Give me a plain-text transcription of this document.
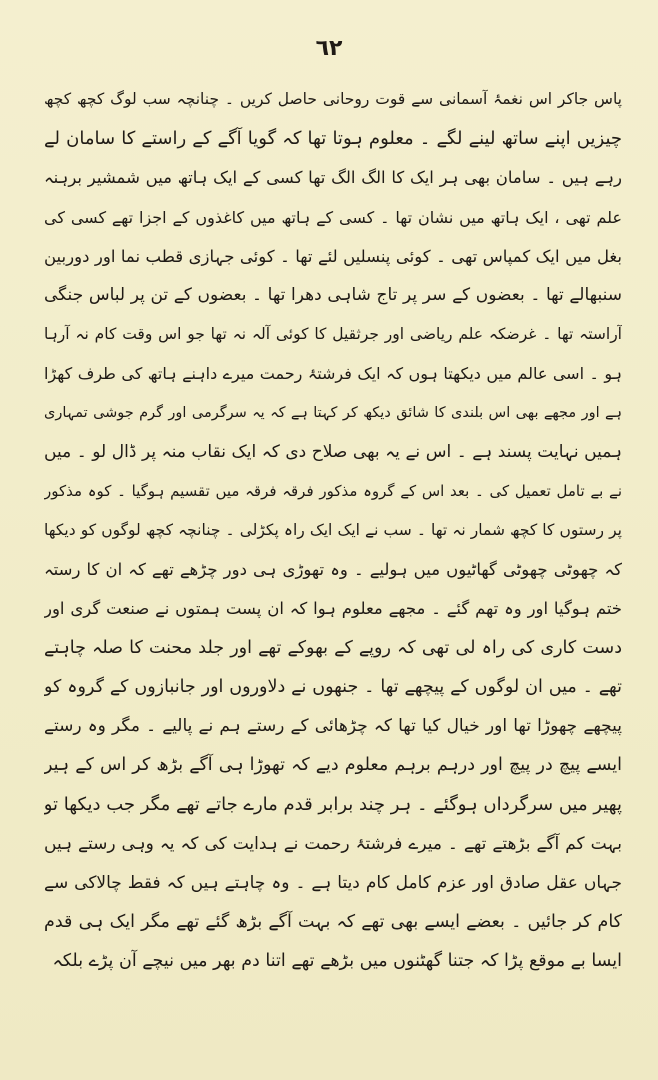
٦٢
پاس جاکر اس نغمۂ آسمانی سے قوت روحانی حاصل کریں ۔ چنانچہ سب لوگ کچھ کچھ
چیزیں اپنے ساتھ لینے لگے ۔ معلوم ہوتا تھا کہ گویا آگے کے راستے کا سامان لے
رہے ہیں ۔ سامان بھی ہر ایک کا الگ الگ تھا کسی کے ایک ہاتھ میں شمشیر برہنہ
علم تھی ، ایک ہاتھ میں نشان تھا ۔ کسی کے ہاتھ میں کاغذوں کے اجزا تھے کسی کی
بغل میں ایک کمپاس تھی ۔ کوئی پنسلیں لئے تھا ۔ کوئی جہازی قطب نما اور دوربین
سنبھالے تھا ۔ بعضوں کے سر پر تاج شاہی دھرا تھا ۔ بعضوں کے تن پر لباس جنگی
آراستہ تھا ۔ غرضکہ علم ریاضی اور جرثقیل کا کوئی آلہ نہ تھا جو اس وقت کام نہ آرہا
ہو ۔ اسی عالم میں دیکھتا ہوں کہ ایک فرشتۂ رحمت میرے داہنے ہاتھ کی طرف کھڑا
ہے اور مجھے بھی اس بلندی کا شائق دیکھ کر کہتا ہے کہ یہ سرگرمی اور گرم جوشی تمہاری
ہمیں نہایت پسند ہے ۔ اس نے یہ بھی صلاح دی کہ ایک نقاب منہ پر ڈال لو ۔ میں
نے بے تامل تعمیل کی ۔ بعد اس کے گروہ مذکور فرقہ فرقہ میں تقسیم ہوگیا ۔ کوہ مذکور
پر رستوں کا کچھ شمار نہ تھا ۔ سب نے ایک ایک راہ پکڑلی ۔ چنانچہ کچھ لوگوں کو دیکھا
کہ چھوٹی چھوٹی گھاٹیوں میں ہولیے ۔ وہ تھوڑی ہی دور چڑھے تھے کہ ان کا رستہ
ختم ہوگیا اور وہ تھم گئے ۔ مجھے معلوم ہوا کہ ان پست ہمتوں نے صنعت گری اور
دست کاری کی راہ لی تھی کہ روپے کے بھوکے تھے اور جلد محنت کا صلہ چاہتے
تھے ۔ میں ان لوگوں کے پیچھے تھا ۔ جنھوں نے دلاوروں اور جانبازوں کے گروہ کو
پیچھے چھوڑا تھا اور خیال کیا تھا کہ چڑھائی کے رستے ہم نے پالیے ۔ مگر وہ رستے
ایسے پیچ در پیچ اور درہم برہم معلوم دیے کہ تھوڑا ہی آگے بڑھ کر اس کے ہیر
پھیر میں سرگرداں ہوگئے ۔ ہر چند برابر قدم مارے جاتے تھے مگر جب دیکھا تو
بہت کم آگے بڑھتے تھے ۔ میرے فرشتۂ رحمت نے ہدایت کی کہ یہ وہی رستے ہیں
جہاں عقل صادق اور عزم کامل کام دیتا ہے ۔ وہ چاہتے ہیں کہ فقط چالاکی سے
کام کر جائیں ۔ بعضے ایسے بھی تھے کہ بہت آگے بڑھ گئے تھے مگر ایک ہی قدم
ایسا بے موقع پڑا کہ جتنا گھٹنوں میں بڑھے تھے اتنا دم بھر میں نیچے آن پڑے بلکہ
